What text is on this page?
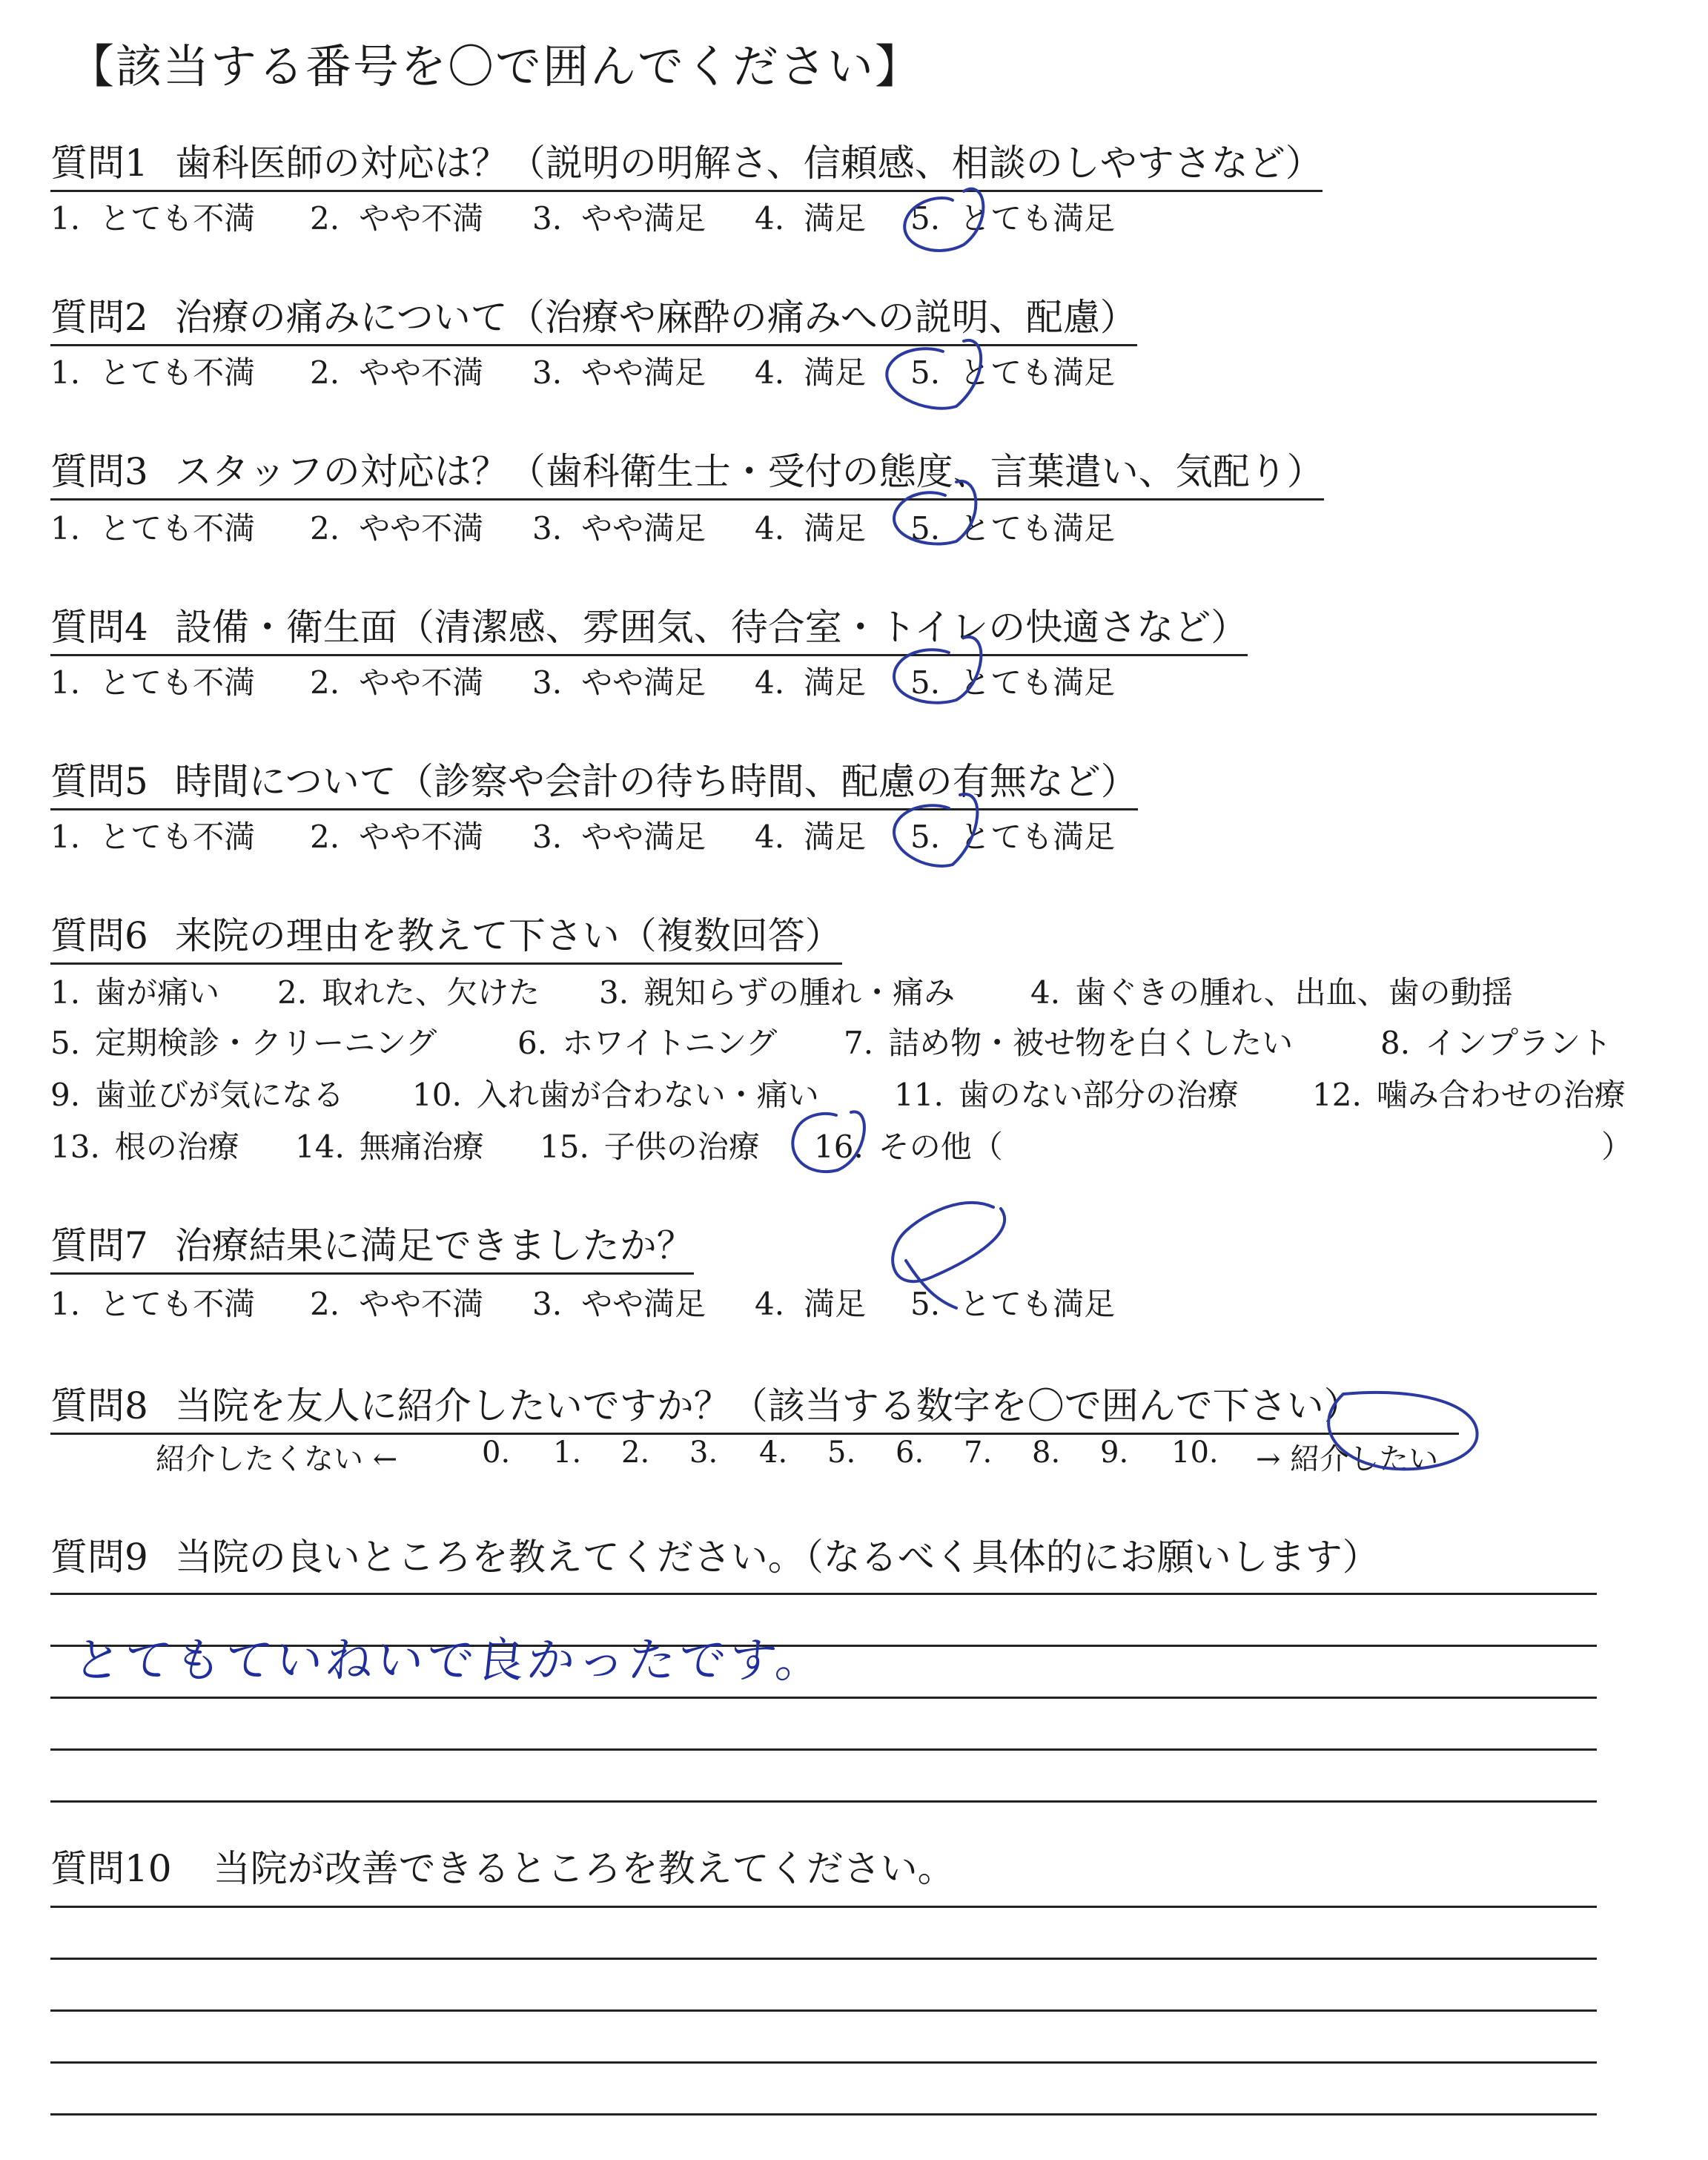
【該当する番号を〇で囲んでください】
質問1 歯科医師の対応は？（説明の明解さ、信頼感、相談のしやすさなど）
1. とても不満 2. やや不満 3. やや満足 4. 満足 5. とても満足
質問2 治療の痛みについて（治療や麻酔の痛みへの説明、配慮）
1. とても不満 2. やや不満 3. やや満足 4. 満足 5. とても満足
質問3 スタッフの対応は？（歯科衛生士・受付の態度、言葉遣い、気配り）
1. とても不満 2. やや不満 3. やや満足 4. 満足 5. とても満足
質問4 設備・衛生面（清潔感、雰囲気、待合室・トイレの快適さなど）
1. とても不満 2. やや不満 3. やや満足 4. 満足 5. とても満足
質問5 時間について（診察や会計の待ち時間、配慮の有無など）
1. とても不満 2. やや不満 3. やや満足 4. 満足 5. とても満足
質問6 来院の理由を教えて下さい（複数回答）
1. 歯が痛い 2. 取れた、欠けた 3. 親知らずの腫れ・痛み 4. 歯ぐきの腫れ、出血、歯の動揺
5. 定期検診・クリーニング	6. ホワイトニング 7. 詰め物・被せ物を白くしたい	8. インプラント
9. 歯並びが気になる 10. 入れ歯が合わない・痛い 11. 歯のない部分の治療 12. 噛み合わせの治療
13. 根の治療 14. 無痛治療 15. 子供の治療 16. その他（	）
質問7 治療結果に満足できましたか？
1. とても不満 2. やや不満 3. やや満足 4. 満足 5. とても満足
質問8 当院を友人に紹介したいですか？（該当する数字を〇で囲んで下さい）
紹介したくない ←	0. 1. 2. 3. 4. 5. 6. 7. 8. 9. 10. → 紹介したい
質問9 当院の良いところを教えてください。（なるべく具体的にお願いします）
とてもていねいで良かったです。
質問10 当院が改善できるところを教えてください。
